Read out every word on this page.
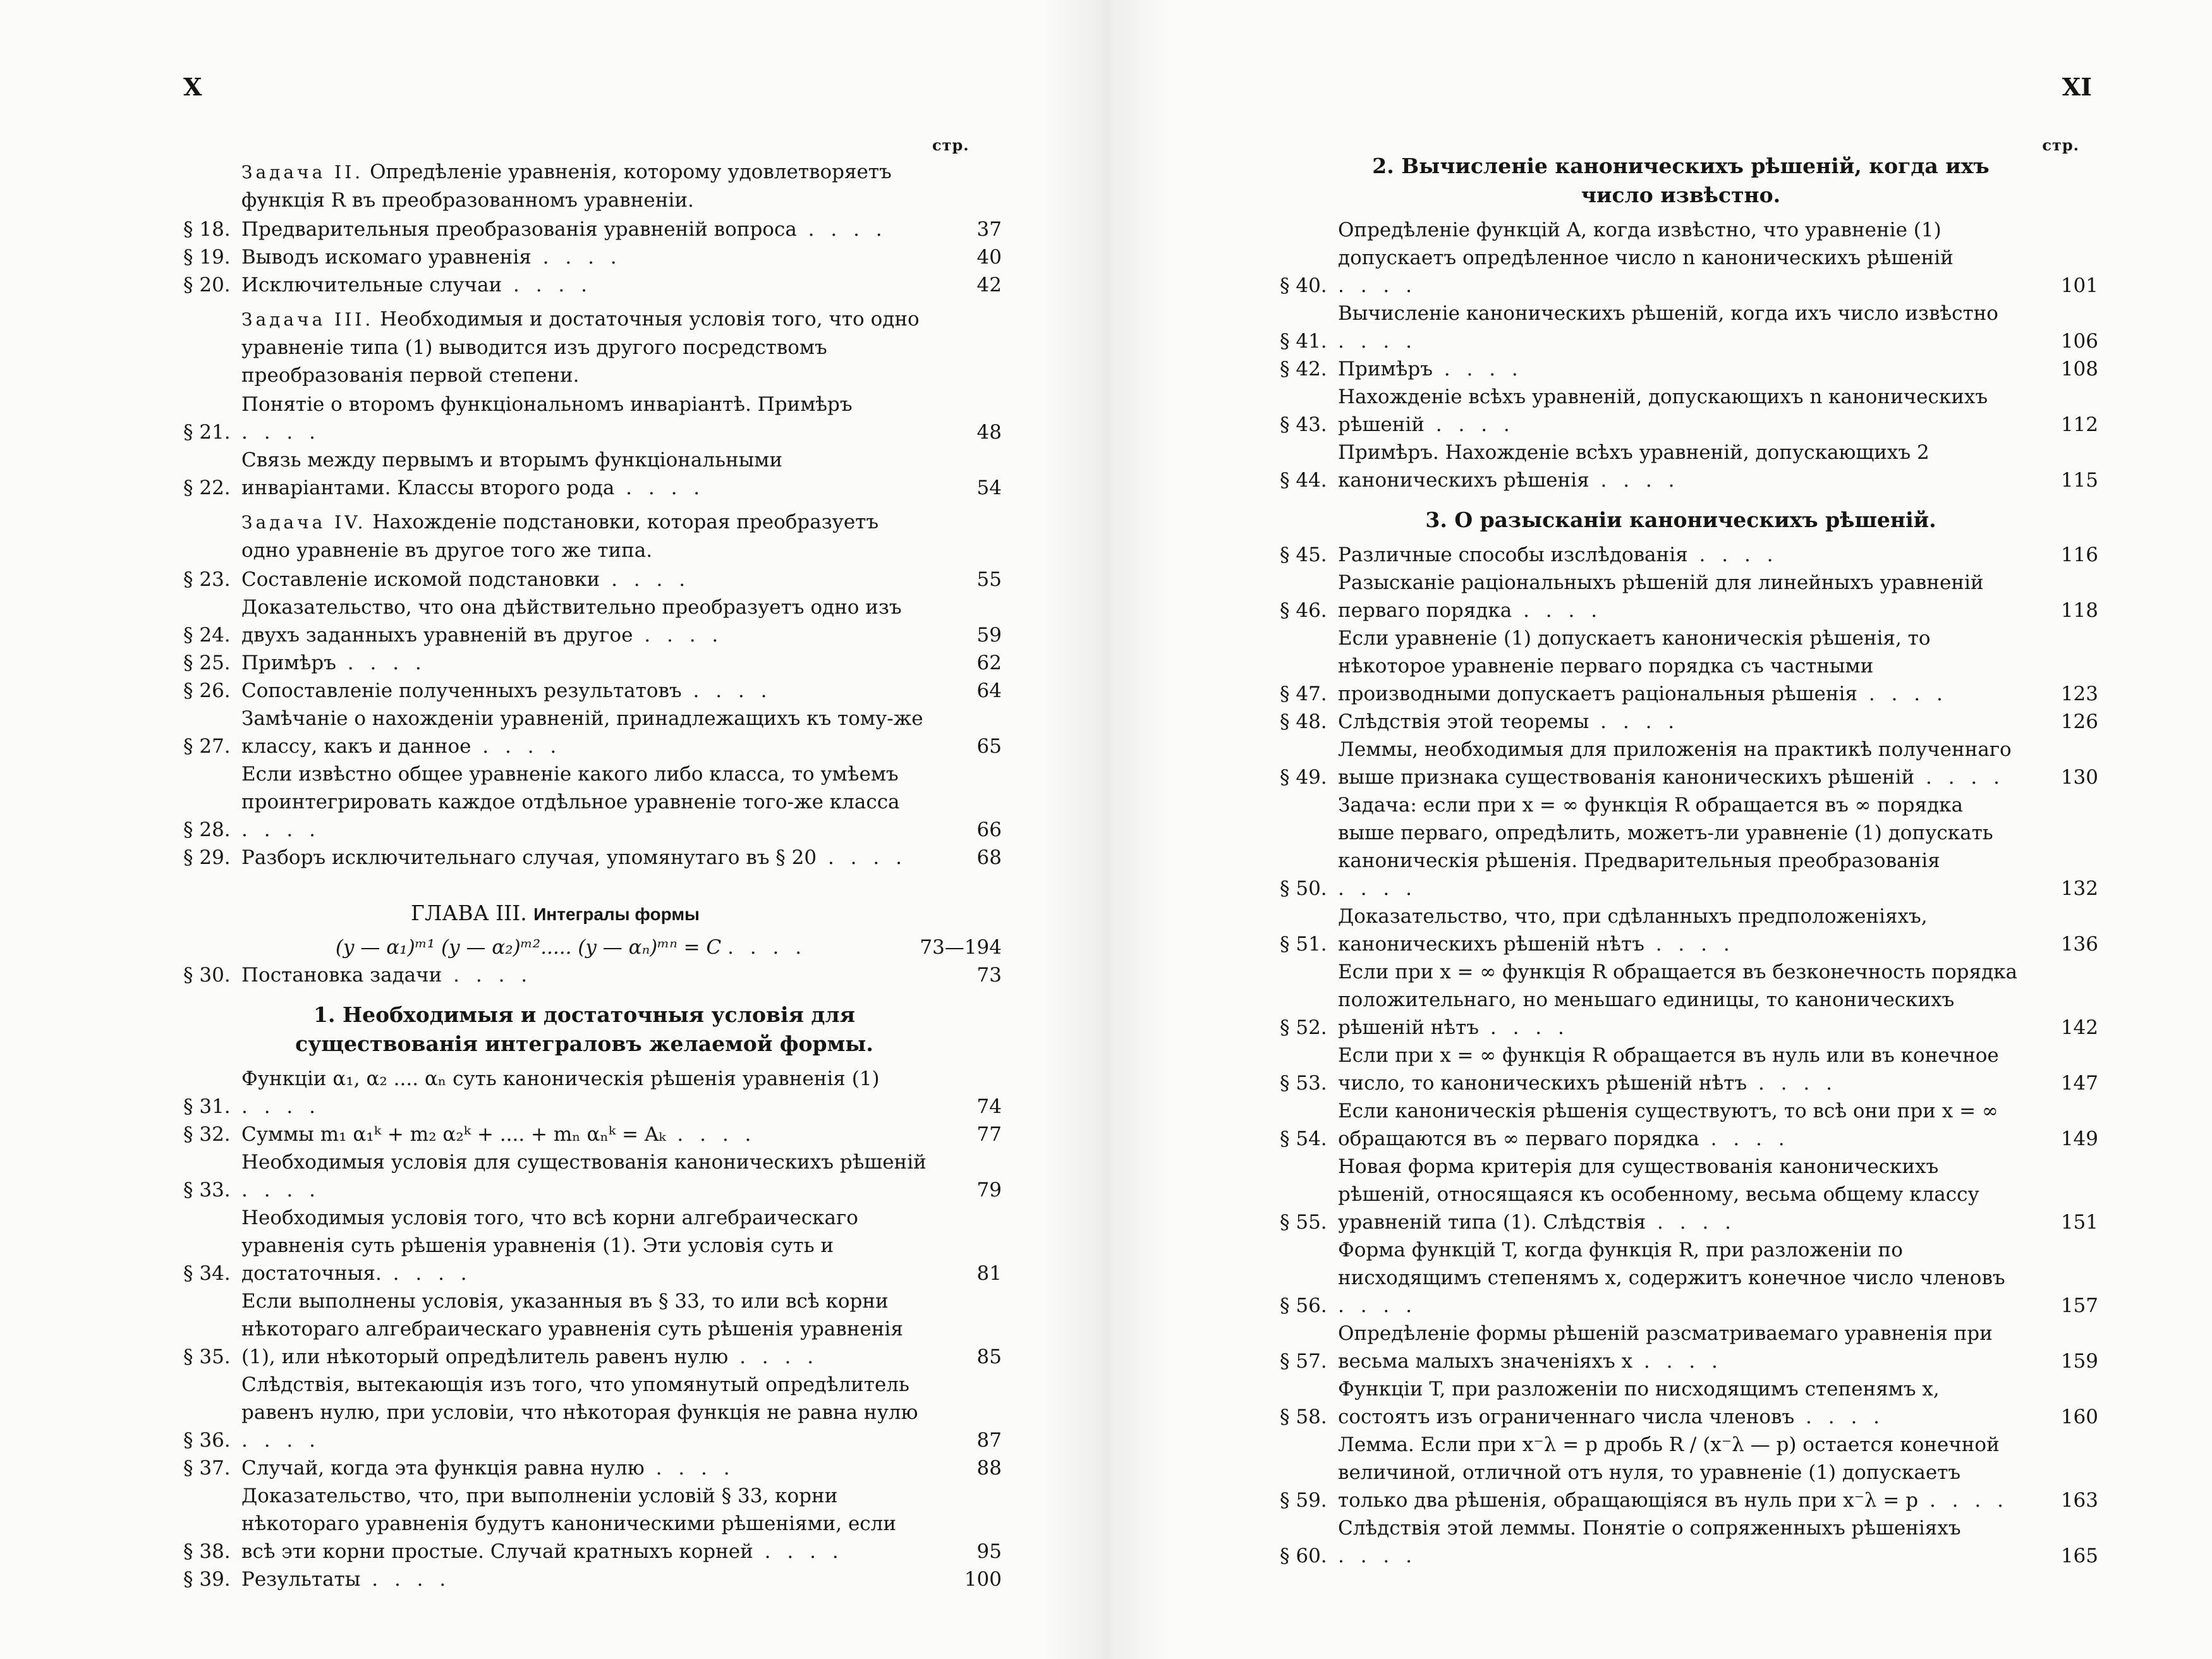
X
стр.
Задача II. Опредѣленіе уравненія, которому удовлетворяетъ функція R въ преобразованномъ уравненіи.
§ 18. Предварительныя преобразованія уравненій вопроса . . . .	37
§ 19. Выводъ искомаго уравненія . . . .	40
§ 20. Исключительные случаи . . . .	42
Задача III. Необходимыя и достаточныя условія того, что одно уравненіе типа (1) выводится изъ другого посредствомъ преобразованія первой степени.
§ 21.
Понятіе о второмъ функціональномъ инваріантѣ. Примѣръ . . . .	48
§ 22.
Связь между первымъ и вторымъ функціональными инваріантами. Классы второго рода . . . .	54
Задача IV. Нахожденіе подстановки, которая преобразуетъ одно уравненіе въ другое того же типа.
§ 23. Составленіе искомой подстановки . . . .	55
§ 24.
Доказательство, что она дѣйствительно преобразуетъ одно изъ двухъ заданныхъ уравненій въ другое . . . .	59
§ 25. Примѣръ . . . .	62
§ 26. Сопоставленіе полученныхъ результатовъ . . . .	64
§ 27.
Замѣчаніе о нахожденіи уравненій, принадлежащихъ къ тому-же классу, какъ и данное . . . .	65
§ 28.
Если извѣстно общее уравненіе какого либо класса, то умѣемъ проинтегрировать каждое отдѣльное уравненіе того-же класса . . . .	66
§ 29. Разборъ исключительнаго случая, упомянутаго въ § 20 . . . .	68
ГЛАВА III. Интегралы формы
(y — α₁)ᵐ¹ (y — α₂)ᵐ²..... (y — αₙ)ᵐⁿ = C . . . .	73—194
§ 30. Постановка задачи . . . .	73
1. Необходимыя и достаточныя условія для существованія интеграловъ желаемой формы.
§ 31.
Функціи α₁, α₂ .... αₙ суть каноническія рѣшенія уравненія (1) . . . .	74
§ 32. Суммы m₁ α₁ᵏ + m₂ α₂ᵏ + .... + mₙ αₙᵏ = Aₖ . . . .	77
§ 33.
Необходимыя условія для существованія каноническихъ рѣшеній . . . .	79
§ 34.
Необходимыя условія того, что всѣ корни алгебраическаго уравненія суть рѣшенія уравненія (1). Эти условія суть и достаточныя. . . . .	81
§ 35.
Если выполнены условія, указанныя въ § 33, то или всѣ корни нѣкотораго алгебраическаго уравненія суть рѣшенія уравненія (1), или нѣкоторый опредѣлитель равенъ нулю . . . .	85
§ 36.
Слѣдствія, вытекающія изъ того, что упомянутый опредѣлитель равенъ нулю, при условіи, что нѣкоторая функція не равна нулю . . . .	87
§ 37. Случай, когда эта функція равна нулю . . . .	88
§ 38.
Доказательство, что, при выполненіи условій § 33, корни нѣкотораго уравненія будутъ каноническими рѣшеніями, если всѣ эти корни простые. Случай кратныхъ корней . . . .	95
§ 39. Результаты . . . .	100
XI
стр.
2. Вычисленіе каноническихъ рѣшеній, когда ихъ число извѣстно.
§ 40.
Опредѣленіе функцій A, когда извѣстно, что уравненіе (1) допускаетъ опредѣленное число n каноническихъ рѣшеній . . . .	101
§ 41.
Вычисленіе каноническихъ рѣшеній, когда ихъ число извѣстно . . . .	106
§ 42. Примѣръ . . . .	108
§ 43.
Нахожденіе всѣхъ уравненій, допускающихъ n каноническихъ рѣшеній . . . .	112
§ 44.
Примѣръ. Нахожденіе всѣхъ уравненій, допускающихъ 2 каноническихъ рѣшенія . . . .	115
3. О разысканіи каноническихъ рѣшеній.
§ 45. Различные способы изслѣдованія . . . .	116
§ 46.
Разысканіе раціональныхъ рѣшеній для линейныхъ уравненій перваго порядка . . . .	118
§ 47.
Если уравненіе (1) допускаетъ каноническія рѣшенія, то нѣкоторое уравненіе перваго порядка съ частными производными допускаетъ раціональныя рѣшенія . . . .	123
§ 48. Слѣдствія этой теоремы . . . .	126
§ 49.
Леммы, необходимыя для приложенія на практикѣ полученнаго выше признака существованія каноническихъ рѣшеній . . . .	130
§ 50.
Задача: если при x = ∞ функція R обращается въ ∞ порядка выше перваго, опредѣлить, можетъ-ли уравненіе (1) допускать каноническія рѣшенія. Предварительныя преобразованія . . . .	132
§ 51.
Доказательство, что, при сдѣланныхъ предположеніяхъ, каноническихъ рѣшеній нѣтъ . . . .	136
§ 52.
Если при x = ∞ функція R обращается въ безконечность порядка положительнаго, но меньшаго единицы, то каноническихъ рѣшеній нѣтъ . . . .	142
§ 53.
Если при x = ∞ функція R обращается въ нуль или въ конечное число, то каноническихъ рѣшеній нѣтъ . . . .	147
§ 54.
Если каноническія рѣшенія существуютъ, то всѣ они при x = ∞ обращаются въ ∞ перваго порядка . . . .	149
§ 55.
Новая форма критерія для существованія каноническихъ рѣшеній, относящаяся къ особенному, весьма общему классу уравненій типа (1). Слѣдствія . . . .	151
§ 56.
Форма функцій T, когда функція R, при разложеніи по нисходящимъ степенямъ x, содержитъ конечное число членовъ . . . .	157
§ 57.
Опредѣленіе формы рѣшеній разсматриваемаго уравненія при весьма малыхъ значеніяхъ x . . . .	159
§ 58.
Функціи T, при разложеніи по нисходящимъ степенямъ x, состоятъ изъ ограниченнаго числа членовъ . . . .	160
§ 59.
Лемма. Если при x⁻λ = p дробь R / (x⁻λ — p) остается конечной величиной, отличной отъ нуля, то уравненіе (1) допускаетъ только два рѣшенія, обращающіяся въ нуль при x⁻λ = p . . . .	163
§ 60.
Слѣдствія этой леммы. Понятіе о сопряженныхъ рѣшеніяхъ . . . .	165
